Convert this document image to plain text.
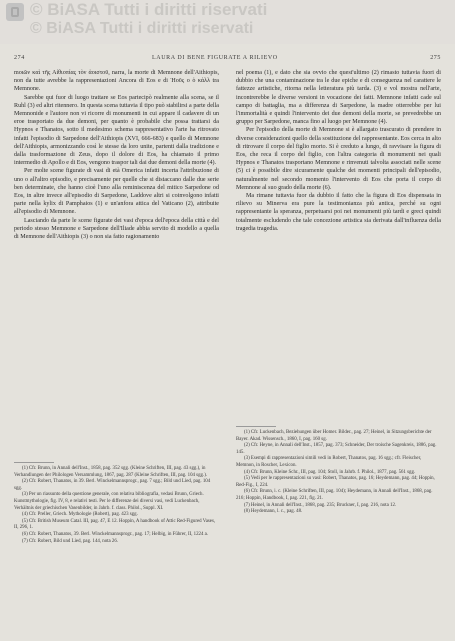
© BiASA Tutti i diritti riservati
© BiASA Tutti i diritti riservati
274	LAURA DI BENE FIGURATE A RILIEVO	275

moιῶν καὶ τῆς Αἰθιοπίας τὸν ἀοιστοῦ, narra, la morte di Memnone dell'Aithiopis, non da tutte avrebbe la rappresentazioni Ancora di Eos e di Ἠοῦς o ὁ κάλλ tra Memnone.

Sarebbe qui fuor di luogo trattare se Eos partecipò realmente alla scena, se il Ruhl (3) ed altri ritennero. In questa scena tuttavia il tipo può stabilirsi a parte della Memnonide e l'autore non vi ricorre di monumenti in cui appare il cadavere di un eroe trasportato da due demoni, per quanto è probabile che possa trattarsi da Hypnos e Thanatos, sotto il medesimo schema rappresentativo l'arte ha ritrovato infatti l'episodio di Sarpedone dell'Aithiopis (XVI, 666-683) e quello di Memnone dell'Aithiopis, armonizzando così le stesse da loro unite, partenti dalla tradizione e dalla trasformazione di Zeus, dopo il dolore di Eos, ha chiamato il primo intermedio di Apollo e di Eos, vengono traspor tali dai due demoni della morte (4).

Per molte scene figurate di vasi di età Omerica infatti incerta l'attribuzione di uno o all'altro episodio, e precisamente per quelle che si distaccano dalle due serie ben determinate, che hanno cioè l'uno alla reminiscenza del mitico Sarpedone od Eos, in altre invece all'episodio di Sarpedone, Laddove altri si coinvolgono infatti parte nella kylix di Pamphaios (1) e un'anfora attica del Vaticano (2), attribuite all'episodio di Memnone.

Lasciando da parte le scene figurate dei vasi d'epoca dell'epoca della città e del periodo stesso Memnone e Sarpedone dell'Iliade abbia servito di modello a quella di Memnone dell'Aithiopis (3) o non sia fatto ragionamento

nel poema (1), e dato che sia ovvio che quest'ultimo (2) rimasto tuttavia fuori di dubbio che una contaminazione tra le due epiche e di conseguenza nel carattere le fattezze artistiche, ritorna nella letteratura più tarda. (3) e vol mostra nell'arte, incontrerebbe le diverse versioni in vocazione dei fatti. Memnone infatti cade sul campo di battaglia, ma a differenza di Sarpedone, la madre otterrebbe per lui l'immortalità e quindi l'intervento dei due demoni della morte, se prevedrebbe un gruppo per Sarpedone, manca fino al luogo per Memnone (4).

Per l'episodio della morte di Memnone si è allargato trascurato di prendere in diverse considerazioni quello della sostituzione del rappresentante. Eos cerca in alto di ritrovare il corpo del figlio morto. Si è creduto a lungo, di ravvisare la figura di Eos, che reca il corpo del figlio, con l'altra categoria di monumenti nei quali Hypnos e Thanatos trasportano Memnone e rinvenuti talvolta associati nelle scene (5) ci è possibile dire sicuramente qualche dei momenti principali dell'episodio, naturalmente nel secondo momento l'intervento di Eos che porta il corpo di Memnone al suo grado della morte (6).

Ma rimane tuttavia fuor da dubbio il fatto che la figura di Eos dispensata in rilievo su Minerva era pure la testimonianza più antica, perché su ogni rappresentante la speranza, perpetuarsi poi nei monumenti più tardi e greci quindi totalmente escludendo che tale concezione artistica sia derivata dall'influenza della tragedia tragedia.

(1) Cfr. Brunn, in Annali dell'Inst., 1858, pag. 352 sgg. (Kleine Schriften, III, pag. 43 sgg.), in Verhandlungen der Philologen Versammlung, 1867, pag. 287 (Kleine Schriften, III, pag. 104 sgg.).

(2) Cfr. Robert, Thanatos, in 39. Berl. Winckelmannsprogr., pag. 7 sgg.; Bild und Lied, pag. 104 sgg.

(3) Per un riassunto della questione generale, con relativa bibliografia, vedasi Brunn, Griech. Kunstmythologie, fig. IV, 8, e relativi testi. Per le differenze dei diversi vasi, vedi Luckenbach, Verhältnis der griechischen Vasenbilder, in Jahrb. f. class. Philol., Suppl. XI.

(4) Cfr. Preller, Griech. Mythologie (Robert), pag. 423 sgg.

(5) Cfr. British Museum Catal. III, pag. 47, E 12. Hoppin, A handbook of Attic Red-Figured Vases, II, 296, 1.

(6) Cfr. Robert, Thanatos, 39. Berl. Winckelmannsprogr., pag. 17; Helbig, in Führer, II, 1224 a.

(7) Cfr. Robert, Bild und Lied, pag. 144, nota 26.

(1) Cfr. Luckenbach, Beziehungen über Homer. Bilder., pag. 27; Heinel, in Sitzungsberichte der Bayer. Akad. Wissensch., 1860, I, pag. 160 sg.

(2) Cfr. Heyne, in Annali dell'Inst., 1857, pag. 373; Schneider, Der troische Sagenkreis, 1886, pag. 145.

(3) Esempi di rappresentazioni simili vedi in Robert, Thanatos, pag. 16 sgg.; cfr. Fleischer, Memnon, in Roscher, Lexicon.

(4) Cfr. Brunn, Kleine Schr., III, pag. 104; Stoll, in Jahrb. f. Philol., 1877, pag. 561 sgg.

(5) Vedi per le rappresentazioni su vasi: Robert, Thanatos, pag. 16; Heydemann, pag. 44; Hoppin, Red-Fig., I, 224.

(6) Cfr. Brunn, i. c. (Kleine Schriften, III, pag. 104); Heydemann, in Annali dell'Inst., 1868, pag. 216; Hoppin, Handbook, I, pag. 221, fig. 21.

(7) Heinel, in Annali dell'Inst., 1868, pag. 235; Bruckner, I, pag. 216, nota 12.

(8) Heydemann, l. c., pag. 48.
